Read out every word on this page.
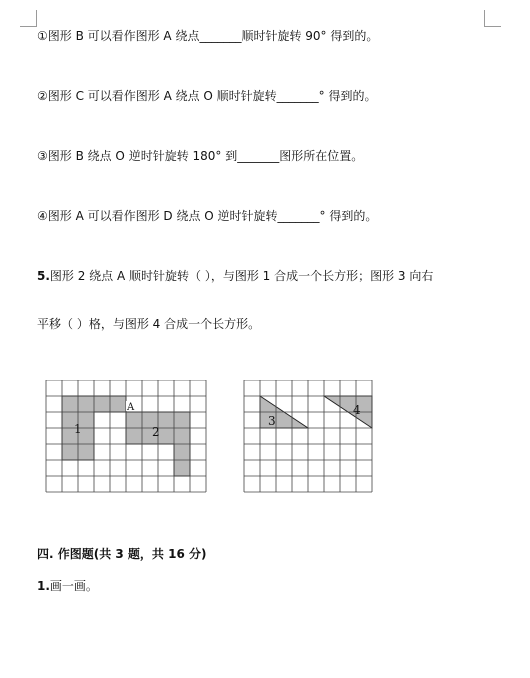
①图形 B 可以看作图形 A 绕点_______顺时针旋转 90° 得到的。
②图形 C 可以看作图形 A 绕点 O 顺时针旋转_______° 得到的。
③图形 B 绕点 O 逆时针旋转 180° 到_______图形所在位置。
④图形 A 可以看作图形 D 绕点 O 逆时针旋转_______° 得到的。
5.图形 2 绕点 A 顺时针旋转（ ），与图形 1 合成一个长方形；图形 3 向右
平移（ ）格，与图形 4 合成一个长方形。
1	2
A
3
4
四. 作图题(共 3 题，共 16 分)
1.画一画。
